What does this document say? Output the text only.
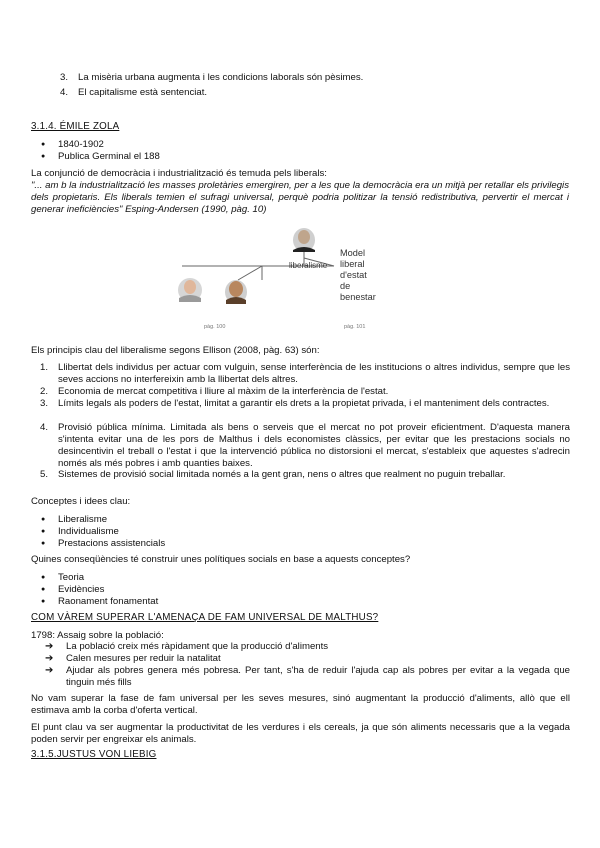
3. La misèria urbana augmenta i les condicions laborals són pèsimes.
4. El capitalisme està sentenciat.
3.1.4. ÉMILE ZOLA
● 1840-1902
● Publica Germinal el 188
La conjunció de democràcia i industrialització és temuda pels liberals:
"... am b la industrialització les masses proletàries emergiren, per a les que la democràcia era un mitjà per retallar els privilegis dels propietaris. Els liberals temien el sufragi universal, perquè podria politizar la tensió redistributiva, pervertir el mercat i generar ineficiències" Esping-Andersen (1990, pàg. 10)
liberalisme
Model
liberal
d'estat
de
benestar
pàg. 100	pàg. 101
Els principis clau del liberalisme segons Ellison (2008, pàg. 63) són:
1. Llibertat dels individus per actuar com vulguin, sense interferència de les institucions o altres individus, sempre que les seves accions no interfereixin amb la llibertat dels altres.
2. Economia de mercat competitiva i lliure al màxim de la interferència de l'estat.
3. Límits legals als poders de l'estat, limitat a garantir els drets a la propietat privada, i el manteniment dels contractes.
4. Provisió pública mínima. Limitada als bens o serveis que el mercat no pot proveir eficientment. D'aquesta manera s'intenta evitar una de les pors de Malthus i dels economistes clàssics, per evitar que les prestacions socials no desincentivin el treball o l'estat i que la intervenció pública no distorsioni el mercat, s'estableix que aquestes s'adrecin només als més pobres i amb quanties baixes.
5. Sistemes de provisió social limitada només a la gent gran, nens o altres que realment no puguin treballar.
Conceptes i idees clau:
● Liberalisme
● Individualisme
● Prestacions assistencials
Quines conseqüències té construir unes polítiques socials en base a aquests conceptes?
● Teoria
● Evidències
● Raonament fonamentat
COM VÀREM SUPERAR L'AMENAÇA DE FAM UNIVERSAL DE MALTHUS?
1798: Assaig sobre la població:
➔ La població creix més ràpidament que la producció d'aliments
➔ Calen mesures per reduir la natalitat
➔ Ajudar als pobres genera més pobresa. Per tant, s'ha de reduir l'ajuda cap als pobres per evitar a la vegada que tinguin més fills
No vam superar la fase de fam universal per les seves mesures, sinó augmentant la producció d'aliments, allò que ell estimava amb la corba d'oferta vertical.
El punt clau va ser augmentar la productivitat de les verdures i els cereals, ja que són aliments necessaris que a la vegada poden servir per engreixar els animals.
3.1.5.JUSTUS VON LIEBIG
